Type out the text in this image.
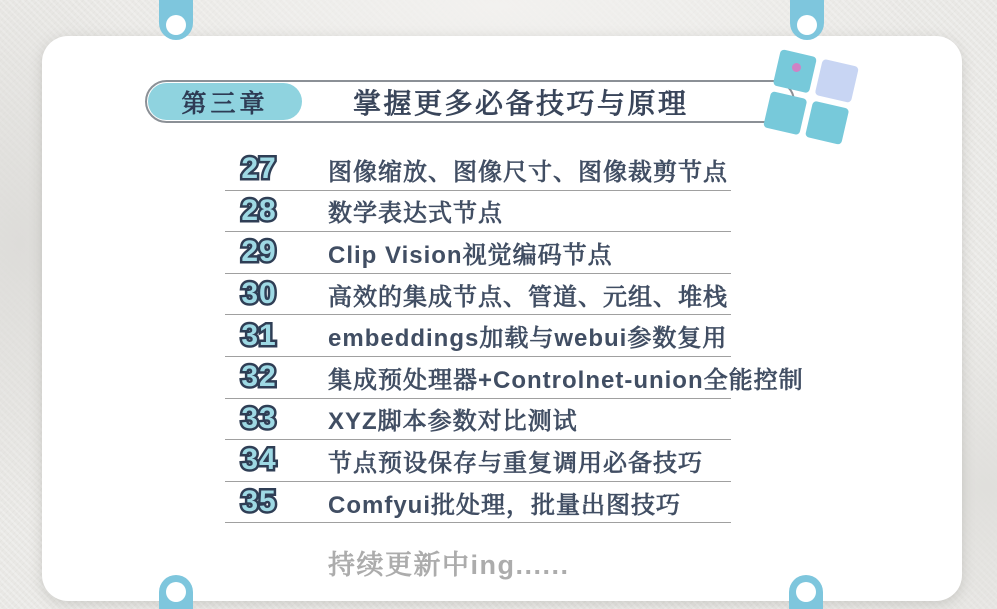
第三章	掌握更多必备技巧与原理
27 27	图像缩放、图像尺寸、图像裁剪节点
28 28	数学表达式节点
29 29	Clip Vision视觉编码节点
30 30	高效的集成节点、管道、元组、堆栈
31 31	embeddings加载与webui参数复用
32 32	集成预处理器+Controlnet-union全能控制
33 33	XYZ脚本参数对比测试
34 34	节点预设保存与重复调用必备技巧
35 35	Comfyui批处理，批量出图技巧
持续更新中ing......
